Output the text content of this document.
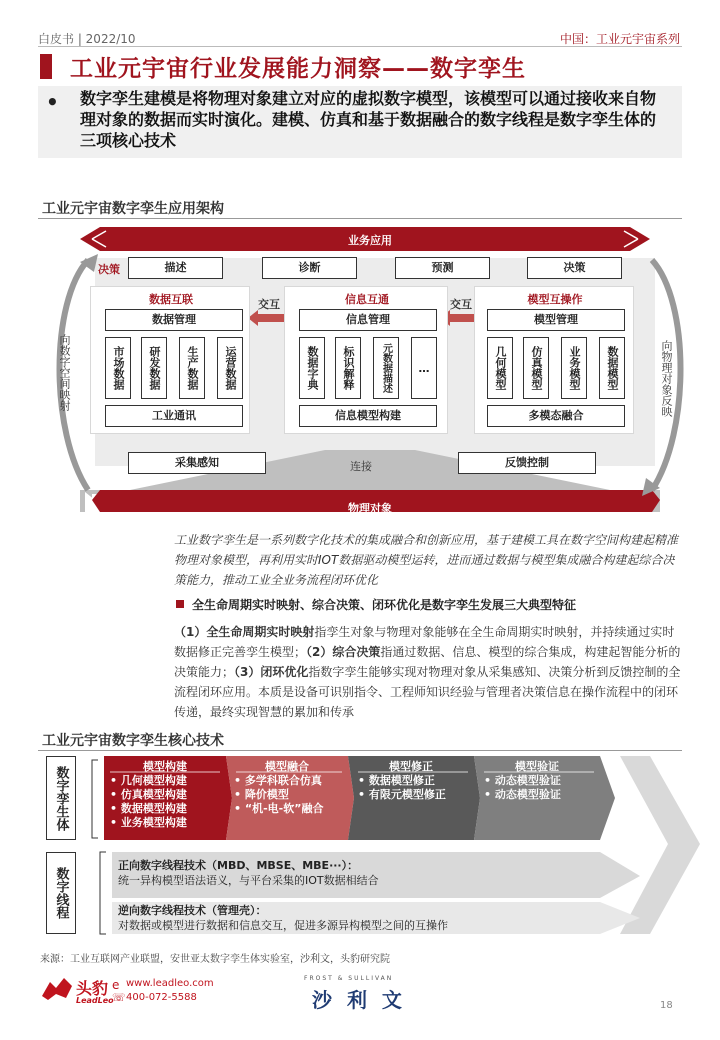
白皮书 | 2022/10	中国：工业元宇宙系列
工业元宇宙行业发展能力洞察——数字孪生
• 数字孪生建模是将物理对象建立对应的虚拟数字模型，该模型可以通过接收来自物理对象的数据而实时演化。建模、仿真和基于数据融合的数字线程是数字孪生体的三项核心技术
工业元宇宙数字孪生应用架构
业务应用
决策	描述	诊断	预测	决策
向数字空间映射	向物理对象反映
交互	交互
数据互联
数据管理
市场数据	研发数据	生产数据	运营数据
工业通讯
信息互通
信息管理
数据字典	标识解释	元数据描述	…
信息模型构建
模型互操作
模型管理
几何模型	仿真模型	业务模型	数据模型
多模态融合
采集感知	连接	反馈控制
物理对象
工业数字孪生是一系列数字化技术的集成融合和创新应用，基于建模工具在数字空间构建起精准物理对象模型，再利用实时IOT数据驱动模型运转，进而通过数据与模型集成融合构建起综合决策能力，推动工业全业务流程闭环优化
全生命周期实时映射、综合决策、闭环优化是数字孪生发展三大典型特征
（1）全生命周期实时映射指孪生对象与物理对象能够在全生命周期实时映射，并持续通过实时数据修正完善孪生模型；（2）综合决策指通过数据、信息、模型的综合集成，构建起智能分析的决策能力；（3）闭环优化指数字孪生能够实现对物理对象从采集感知、决策分析到反馈控制的全流程闭环应用。本质是设备可识别指令、工程师知识经验与管理者决策信息在操作流程中的闭环传递，最终实现智慧的累加和传承
工业元宇宙数字孪生核心技术
数字孪生体
数字线程
模型构建
• 几何模型构建
• 仿真模型构建
• 数据模型构建
• 业务模型构建
模型融合
• 多学科联合仿真
• 降价模型
• “机-电-软”融合
模型修正
• 数据模型修正
• 有限元模型修正
模型验证
• 动态模型验证
• 动态模型验证
正向数字线程技术（MBD、MBSE、MBE···）：
统一异构模型语法语义，与平台采集的IOT数据相结合
逆向数字线程技术（管理壳）：
对数据或模型进行数据和信息交互，促进多源异构模型之间的互操作
来源：工业互联网产业联盟，安世亚太数字孪生体实验室，沙利文，头豹研究院
头豹
LeadLeo
e www.leadleo.com
☏ 400-072-5588
FROST & SULLIVAN
沙 利 文	18
